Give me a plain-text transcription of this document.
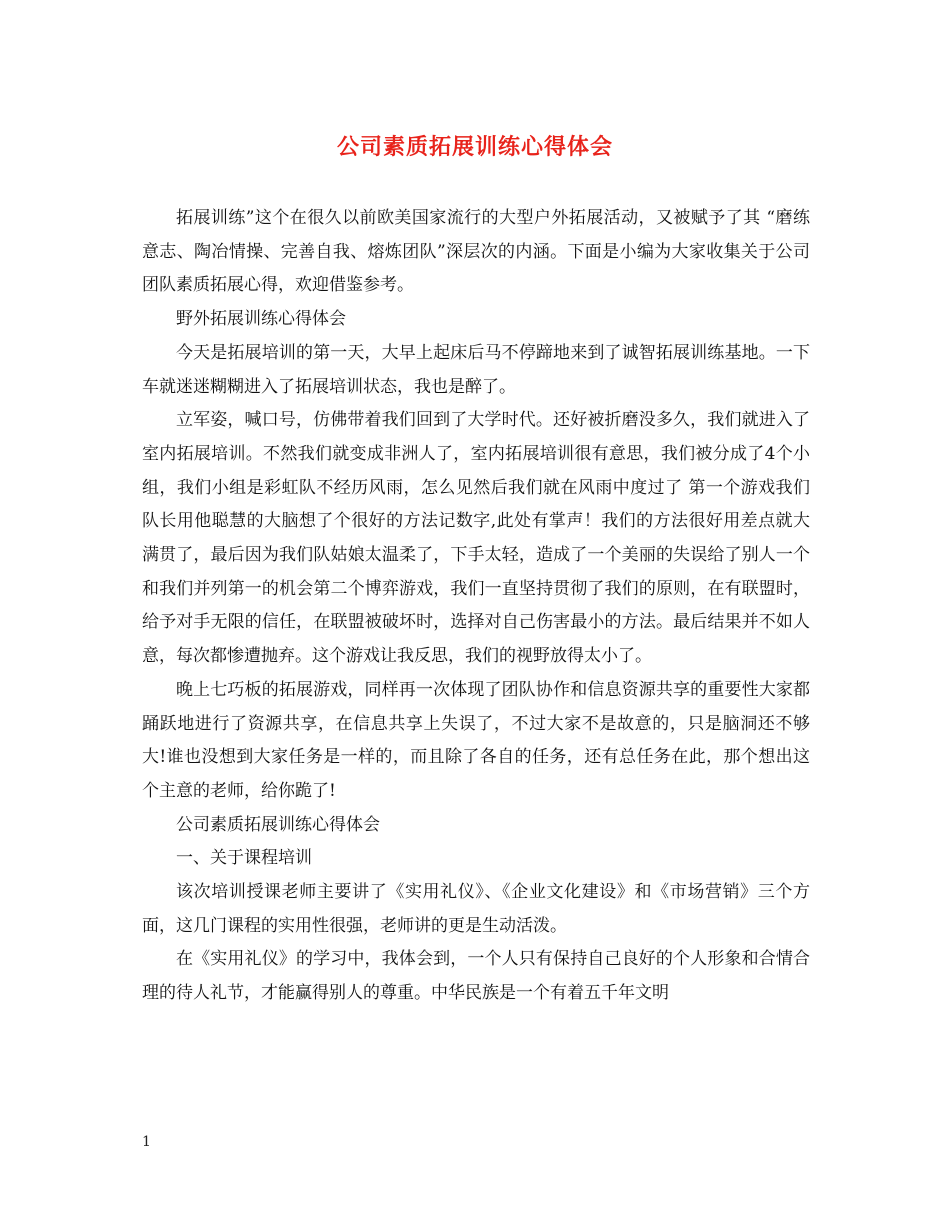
公司素质拓展训练心得体会

拓展训练”这个在很久以前欧美国家流行的大型户外拓展活动，又被赋予了其 “磨练意志、陶冶情操、完善自我、熔炼团队”深层次的内涵。下面是小编为大家收集关于公司团队素质拓展心得，欢迎借鉴参考。

野外拓展训练心得体会

今天是拓展培训的第一天，大早上起床后马不停蹄地来到了诚智拓展训练基地。一下车就迷迷糊糊进入了拓展培训状态，我也是醉了。

立军姿，喊口号，仿佛带着我们回到了大学时代。还好被折磨没多久，我们就进入了室内拓展培训。不然我们就变成非洲人了，室内拓展培训很有意思，我们被分成了4个小组，我们小组是彩虹队不经历风雨，怎么见然后我们就在风雨中度过了 第一个游戏我们队长用他聪慧的大脑想了个很好的方法记数字,此处有掌声！我们的方法很好用差点就大满贯了，最后因为我们队姑娘太温柔了，下手太轻，造成了一个美丽的失误给了别人一个和我们并列第一的机会第二个博弈游戏，我们一直坚持贯彻了我们的原则，在有联盟时，给予对手无限的信任，在联盟被破坏时，选择对自己伤害最小的方法。最后结果并不如人意，每次都惨遭抛弃。这个游戏让我反思，我们的视野放得太小了。

晚上七巧板的拓展游戏，同样再一次体现了团队协作和信息资源共享的重要性大家都踊跃地进行了资源共享，在信息共享上失误了，不过大家不是故意的，只是脑洞还不够大!谁也没想到大家任务是一样的，而且除了各自的任务，还有总任务在此，那个想出这个主意的老师，给你跪了!

公司素质拓展训练心得体会

一、关于课程培训

该次培训授课老师主要讲了《实用礼仪》、《企业文化建设》和《市场营销》三个方面，这几门课程的实用性很强，老师讲的更是生动活泼。

在《实用礼仪》的学习中，我体会到，一个人只有保持自己良好的个人形象和合情合理的待人礼节，才能赢得别人的尊重。中华民族是一个有着五千年文明

1
